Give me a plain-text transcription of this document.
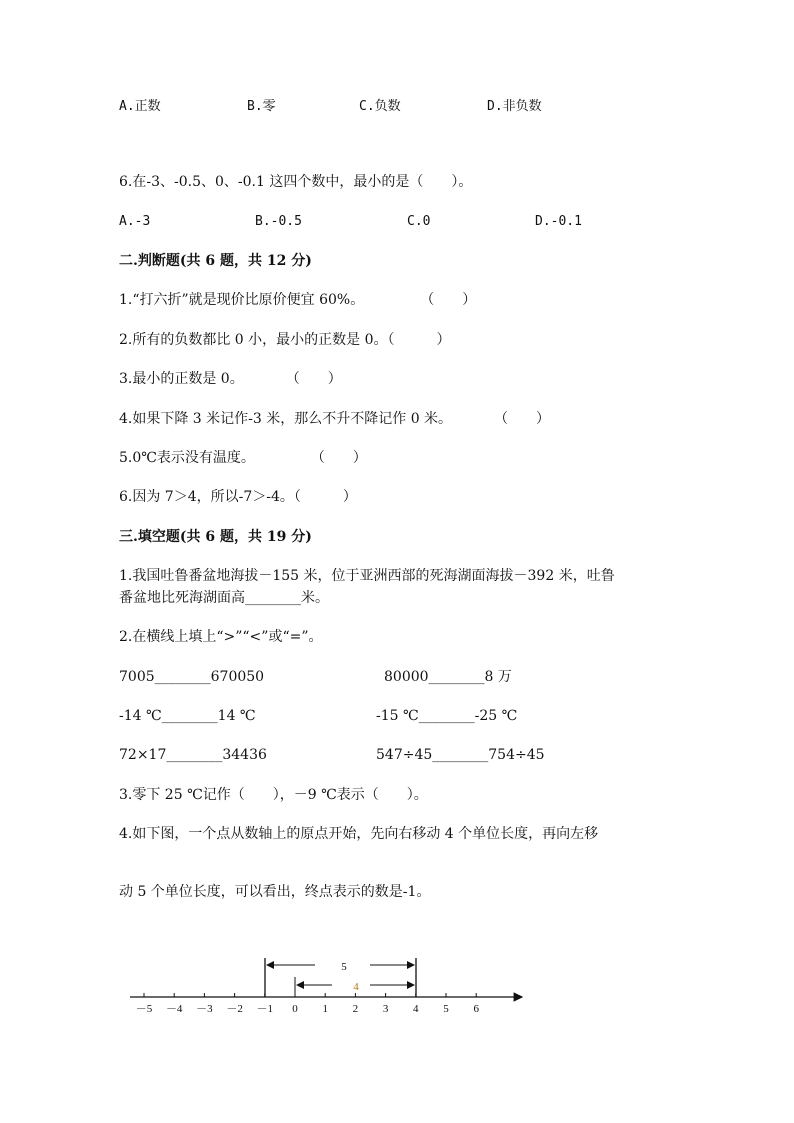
A.正数	B.零	C.负数	D.非负数
6.在-3、-0.5、0、-0.1 这四个数中，最小的是（　　）。
A.-3	B.-0.5	C.0	D.-0.1
二.判断题(共 6 题，共 12 分)
1.“打六折”就是现价比原价便宜 60%。　　　　　（　　）
2.所有的负数都比 0 小，最小的正数是 0。（　　　）
3.最小的正数是 0。　　　　（　　）
4.如果下降 3 米记作-3 米，那么不升不降记作 0 米。　　　　（　　）
5.0℃表示没有温度。　　　　　（　　）
6.因为 7＞4，所以-7＞-4。（　　　）
三.填空题(共 6 题，共 19 分)
1.我国吐鲁番盆地海拔－155 米，位于亚洲西部的死海湖面海拔－392 米，吐鲁
番盆地比死海湖面高________米。
2.在横线上填上“>”“<”或“=”。
7005________670050	80000________8 万
-14 ℃________14 ℃	-15 ℃________-25 ℃
72×17________34436	547÷45________754÷45
3.零下 25 ℃记作（　　），－9 ℃表示（　　）。
4.如下图，一个点从数轴上的原点开始，先向右移动 4 个单位长度，再向左移
动 5 个单位长度，可以看出，终点表示的数是-1。
－5 －4 －3 －2 －1 0 1 2 3 4 5 6
5
4
